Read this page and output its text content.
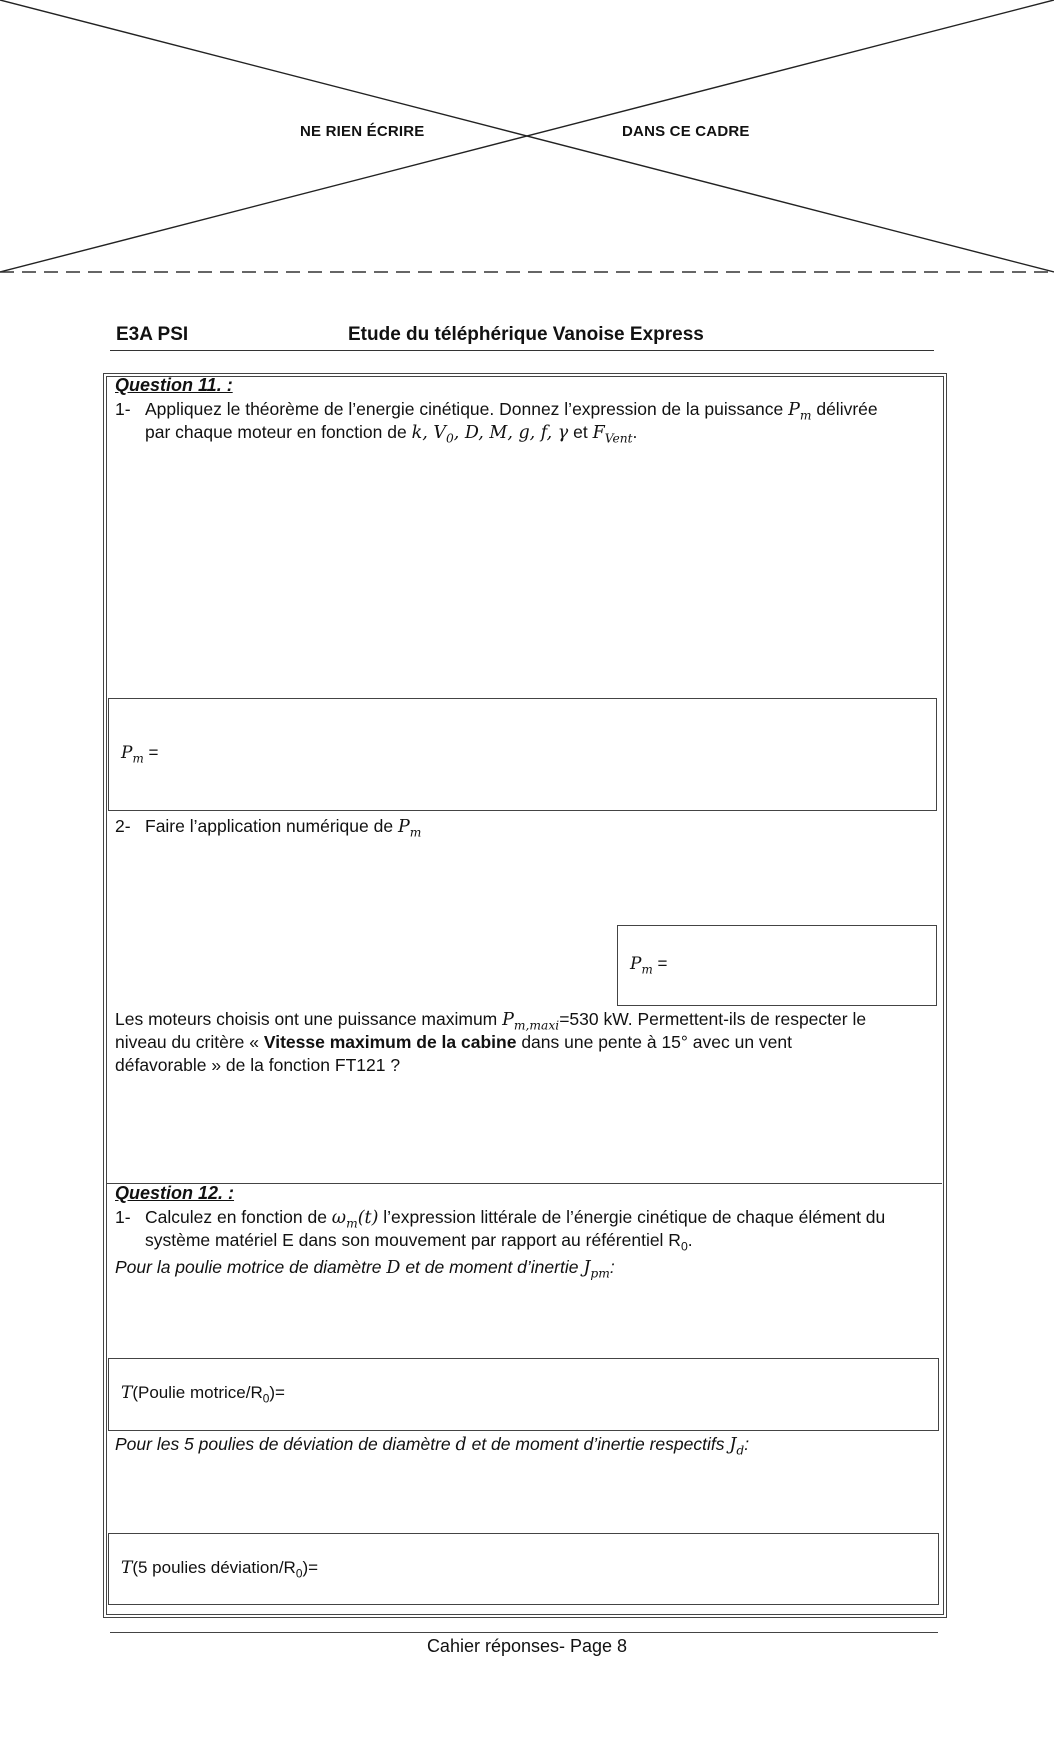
NE RIEN ÉCRIRE	DANS CE CADRE
E3A PSI	Etude du téléphérique Vanoise Express
Question 11. :
1- Appliquez le théorème de l’energie cinétique. Donnez l’expression de la puissance $P_m$ délivrée
par chaque moteur en fonction de k, $V_0$, D, M, g, f, γ et $F_{Vent}$.
$P_m$ =
2- Faire l’application numérique de $P_m$
$P_m$ =
Les moteurs choisis ont une puissance maximum $P_{m,maxi}=530$ kW. Permettent-ils de respecter le
niveau du critère « Vitesse maximum de la cabine dans une pente à 15° avec un vent
défavorable » de la fonction FT121 ?
Question 12. :
1- Calculez en fonction de $\omega_m(t)$ l’expression littérale de l’énergie cinétique de chaque élément du
système matériel E dans son mouvement par rapport au référentiel $R_0$.
Pour la poulie motrice de diamètre D et de moment d’inertie $J_{pm}$:
T(Poulie motrice/$R_0)=$
Pour les 5 poulies de déviation de diamètre d et de moment d’inertie respectifs $J_d$:
T(5 poulies déviation/$R_0)=$
Cahier réponses- Page 8
